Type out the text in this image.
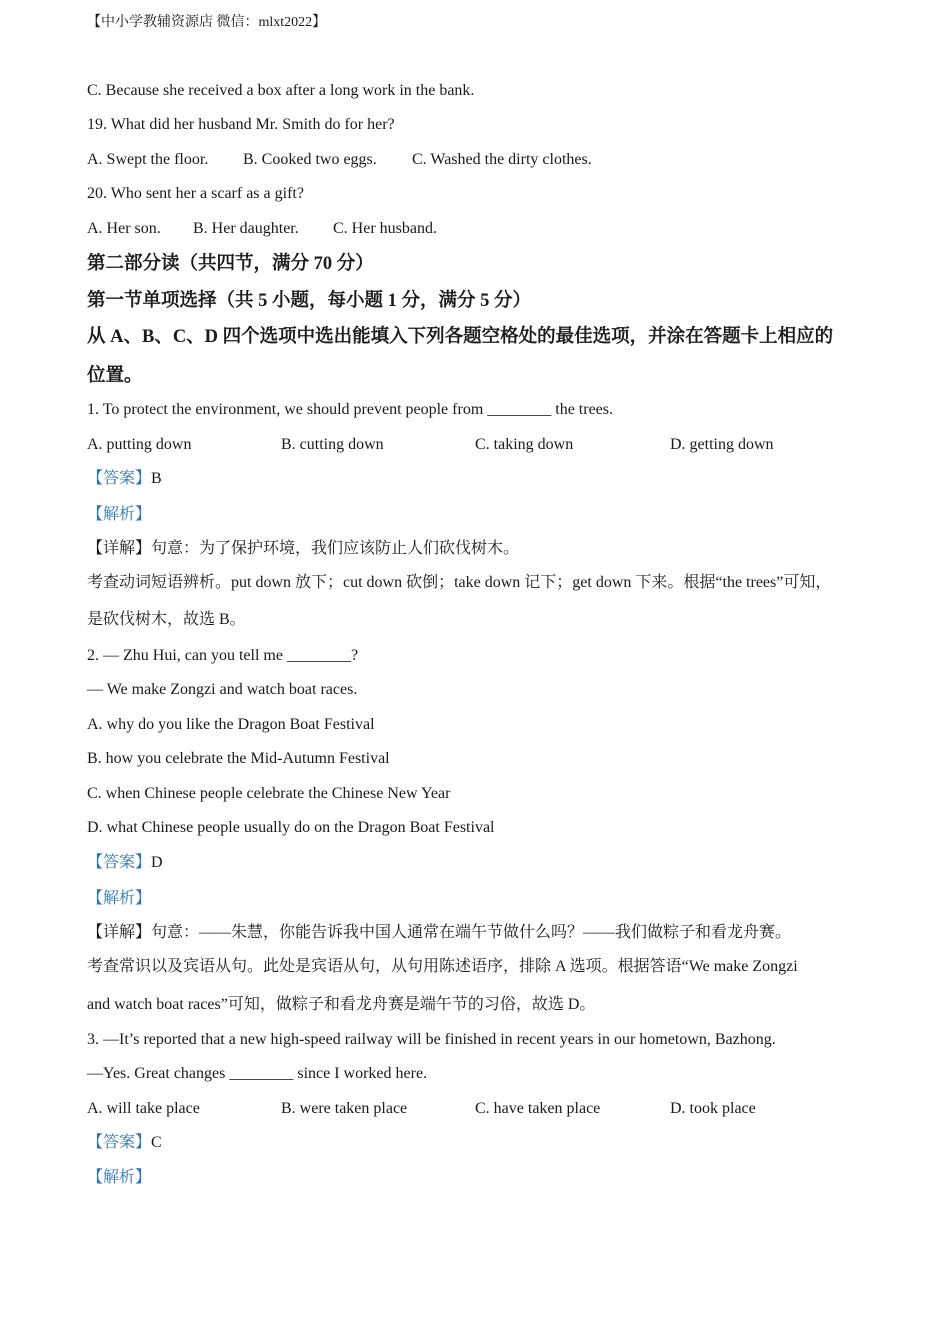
【中小学教辅资源店 微信：mlxt2022】
C. Because she received a box after a long work in the bank.
19. What did her husband Mr. Smith do for her?
A. Swept the floor. B. Cooked two eggs. C. Washed the dirty clothes.
20. Who sent her a scarf as a gift?
A. Her son. B. Her daughter. C. Her husband.
第二部分读（共四节，满分 70 分）
第一节单项选择（共 5 小题，每小题 1 分，满分 5 分）
从 A、B、C、D 四个选项中选出能填入下列各题空格处的最佳选项，并涂在答题卡上相应的
位置。
1. To protect the environment, we should prevent people from ________ the trees.
A. putting down	B. cutting down	C. taking down	D. getting down
【答案】B
【解析】
【详解】句意：为了保护环境，我们应该防止人们砍伐树木。
考查动词短语辨析。put down 放下；cut down 砍倒；take down 记下；get down 下来。根据“the trees”可知，
是砍伐树木，故选 B。
2. — Zhu Hui, can you tell me ________?
— We make Zongzi and watch boat races.
A. why do you like the Dragon Boat Festival
B. how you celebrate the Mid-Autumn Festival
C. when Chinese people celebrate the Chinese New Year
D. what Chinese people usually do on the Dragon Boat Festival
【答案】D
【解析】
【详解】句意：——朱慧，你能告诉我中国人通常在端午节做什么吗？——我们做粽子和看龙舟赛。
考查常识以及宾语从句。此处是宾语从句，从句用陈述语序，排除 A 选项。根据答语“We make Zongzi
and watch boat races”可知，做粽子和看龙舟赛是端午节的习俗，故选 D。
3. —It’s reported that a new high-speed railway will be finished in recent years in our hometown, Bazhong.
—Yes. Great changes ________ since I worked here.
A. will take place	B. were taken place	C. have taken place	D. took place
【答案】C
【解析】
